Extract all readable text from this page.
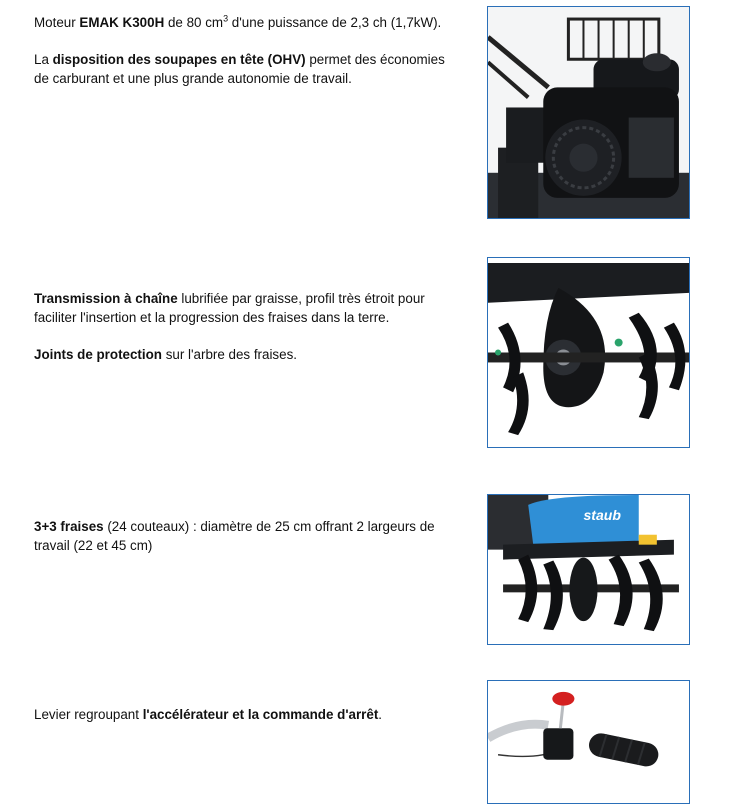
Moteur EMAK K300H de 80 $cm^3$ d'une puissance de 2,3 ch (1,7kW).

La disposition des soupapes en tête (OHV) permet des économies de carburant et une plus grande autonomie de travail.

Transmission à chaîne lubrifiée par graisse, profil très étroit pour faciliter l'insertion et la progression des fraises dans la terre.

Joints de protection sur l'arbre des fraises.

3+3 fraises (24 couteaux) : diamètre de 25 cm offrant 2 largeurs de travail (22 et 45 cm)

staub

Levier regroupant l'accélérateur et la commande d'arrêt.
